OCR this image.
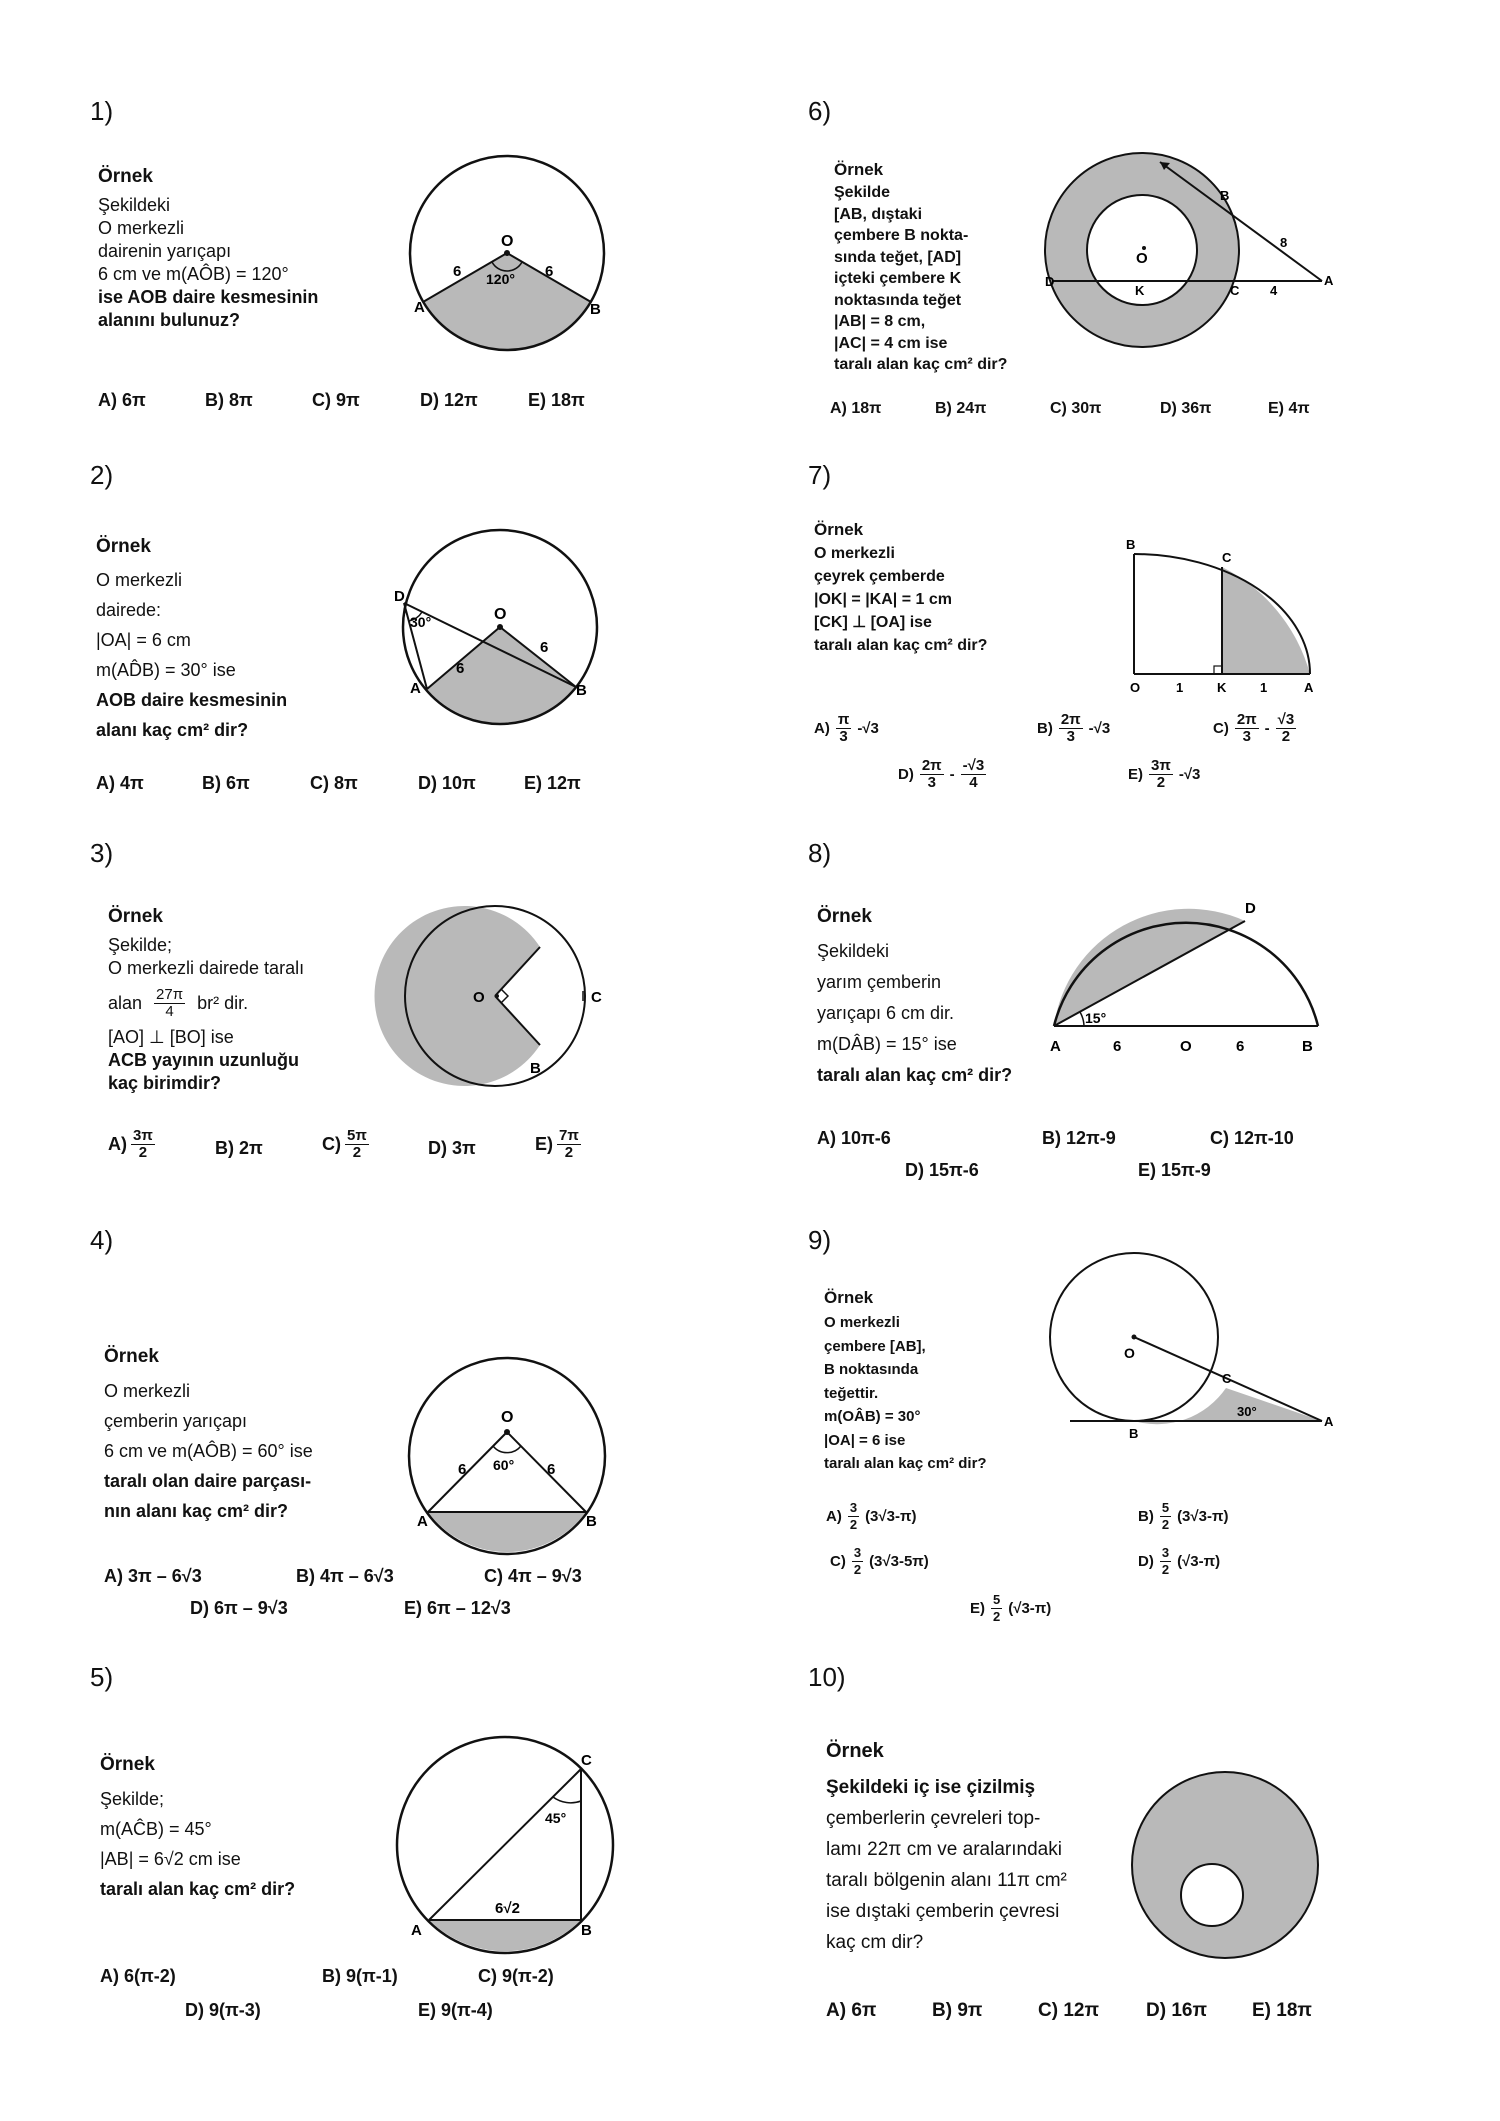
1)
Örnek
Şekildeki
O merkezli
dairenin yarıçapı
6 cm ve m(AÔB) = 120°
ise AOB daire kesmesinin
alanını bulunuz?
O
120°
6	6
A	B
A) 6π	B) 8π	C) 9π	D) 12π	E) 18π
2)
Örnek
O merkezli
dairede:
|OA| = 6 cm
m(AD̂B) = 30° ise
AOB daire kesmesinin
alanı kaç cm² dir?
D
30°	O
6
6
A	B
A) 4π	B) 6π	C) 8π	D) 10π	E) 12π
3)
Örnek
Şekilde;
O merkezli dairede taralı
alan $\frac{27\pi}{4} br^2$ dir.
[AO] ⊥ [BO] ise
ACB yayının uzunluğu
kaç birimdir?
O	C
B
$A) \frac{3\pi}{2}$	B) 2π	$C) \frac{5\pi}{2}$	D) 3π	$E) \frac{7\pi}{2}$
4)
Örnek
O merkezli
çemberin yarıçapı
6 cm ve m(AÔB) = 60° ise
taralı olan daire parçası-
nın alanı kaç cm² dir?
O
60°
6	6
A	B
A) 3π – 6√3	B) 4π – 6√3	C) 4π – 9√3
D) 6π – 9√3	E) 6π – 12√3
5)
Örnek
Şekilde;
m(AĈB) = 45°
|AB| = 6√2 cm ise
taralı alan kaç cm² dir?
C
45°
6√2
A	B
A) 6(π-2)	B) 9(π-1)	C) 9(π-2)
D) 9(π-3)	E) 9(π-4)
6)
Örnek
Şekilde
[AB, dıştaki
çembere B nokta-
sında teğet, [AD]
içteki çembere K
noktasında teğet
|AB| = 8 cm,
|AC| = 4 cm ise
taralı alan kaç cm² dir?
O
B
8
A
4
C
K
D
A) 18π	B) 24π	C) 30π	D) 36π	E) 4π
7)
Örnek
O merkezli
çeyrek çemberde
|OK| = |KA| = 1 cm
[CK] ⊥ [OA] ise
taralı alan kaç cm² dir?
B
C
O	1	K	1	A
$A) \frac{\pi}{3} -√3$	$B) \frac{2\pi}{3} -√3$	$C) \frac{2\pi}{3} - \frac{√3}{2}$
$D) \frac{2\pi}{3} - \frac{-√3}{4}$	$E) \frac{3\pi}{2} -√3$
8)
Örnek
Şekildeki
yarım çemberin
yarıçapı 6 cm dir.
m(DÂB) = 15° ise
taralı alan kaç cm² dir?
D
15°
A	6	O	6	B
A) 10π-6	B) 12π-9	C) 12π-10
D) 15π-6	E) 15π-9
9)
Örnek
O merkezli
çembere [AB],
B noktasında
teğettir.
m(OÂB) = 30°
|OA| = 6 ise
taralı alan kaç cm² dir?
O
C
30°
A
B
$A) \frac{3}{2} (3√3-\pi)$	$B) \frac{5}{2} (3√3-\pi)$
$C) \frac{3}{2} (3√3-5\pi)$	$D) \frac{3}{2} (√3-\pi)$
$E) \frac{5}{2} (√3-\pi)$
10)
Örnek
Şekildeki iç ise çizilmiş
çemberlerin çevreleri top-
lamı 22π cm ve aralarındaki
taralı bölgenin alanı 11π cm²
ise dıştaki çemberin çevresi
kaç cm dir?
A) 6π	B) 9π	C) 12π D) 16π E) 18π
